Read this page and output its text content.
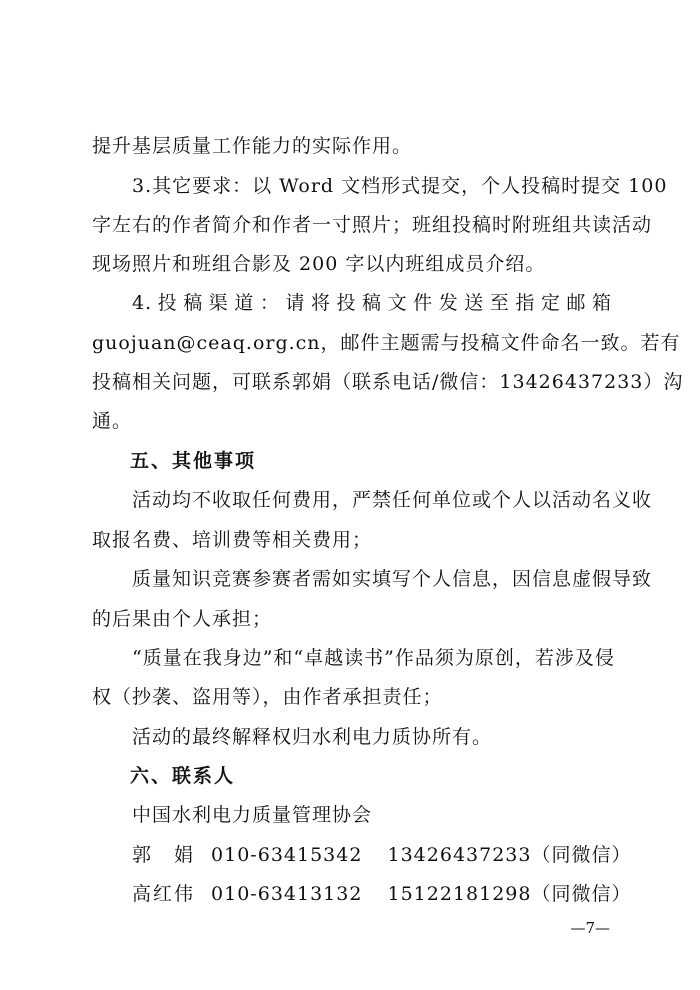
提升基层质量工作能力的实际作用。
3.其它要求：以 Word 文档形式提交，个人投稿时提交 100
字左右的作者简介和作者一寸照片；班组投稿时附班组共读活动
现场照片和班组合影及 200 字以内班组成员介绍。
4.投稿渠道：请将投稿文件发送至指定邮箱
guojuan@ceaq.org.cn，邮件主题需与投稿文件命名一致。若有
投稿相关问题，可联系郭娟（联系电话/微信：13426437233）沟
通。
五、其他事项
活动均不收取任何费用，严禁任何单位或个人以活动名义收
取报名费、培训费等相关费用；
质量知识竞赛参赛者需如实填写个人信息，因信息虚假导致
的后果由个人承担；
“质量在我身边”和“卓越读书”作品须为原创，若涉及侵
权（抄袭、盗用等），由作者承担责任；
活动的最终解释权归水利电力质协所有。
六、联系人
中国水利电力质量管理协会
郭 娟 010-63415342 13426437233（同微信）
高红伟 010-63413132 15122181298（同微信）
—7—
